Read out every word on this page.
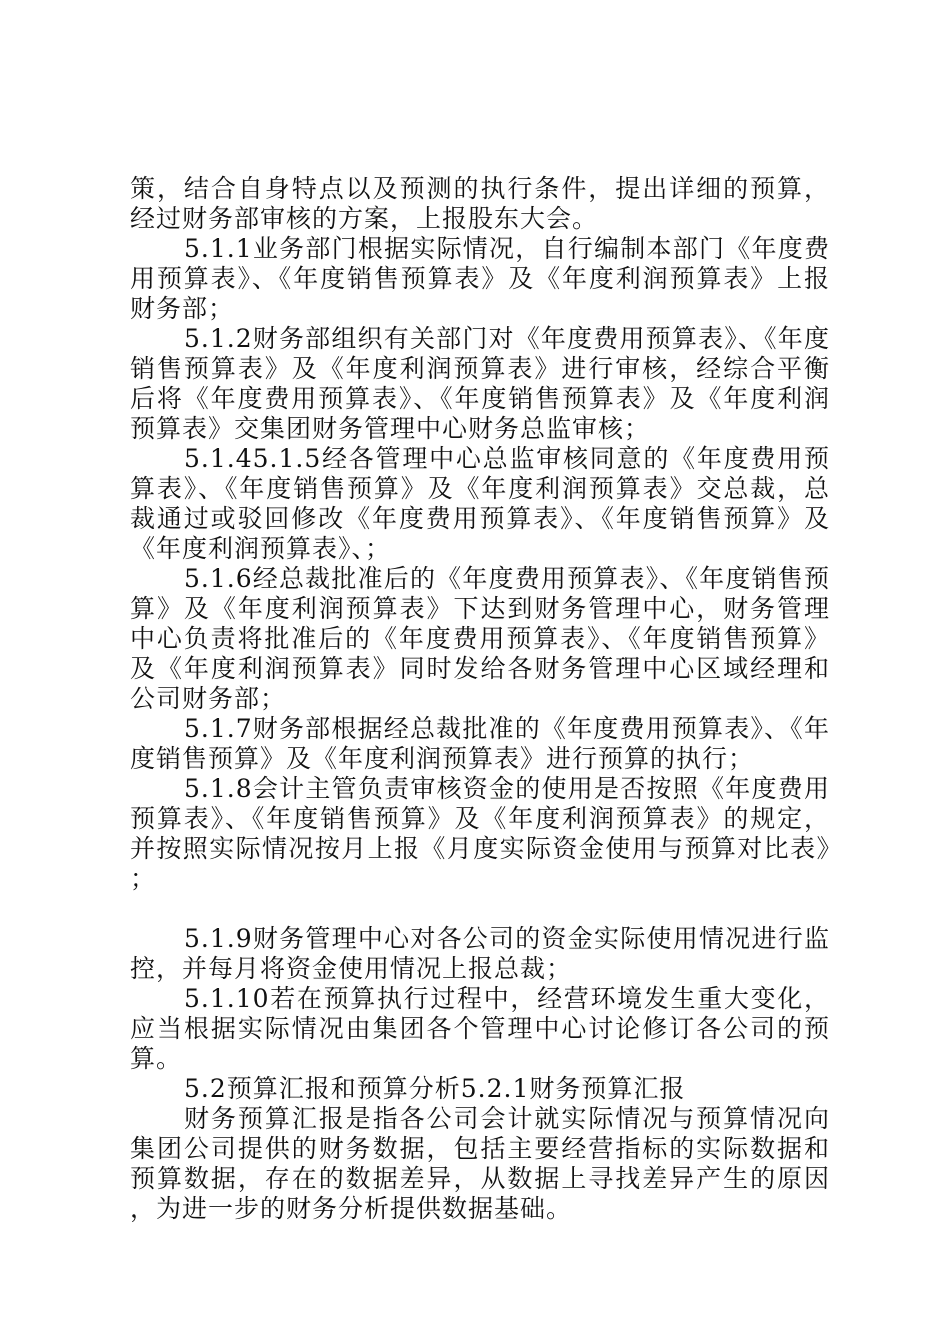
策，结合自身特点以及预测的执行条件，提出详细的预算，经过财务部审核的方案，上报股东大会。

5.1.1业务部门根据实际情况，自行编制本部门《年度费用预算表》、《年度销售预算表》及《年度利润预算表》上报财务部；

5.1.2财务部组织有关部门对《年度费用预算表》、《年度销售预算表》及《年度利润预算表》进行审核，经综合平衡后将《年度费用预算表》、《年度销售预算表》及《年度利润预算表》交集团财务管理中心财务总监审核；

5.1.45.1.5经各管理中心总监审核同意的《年度费用预算表》、《年度销售预算》及《年度利润预算表》交总裁，总裁通过或驳回修改《年度费用预算表》、《年度销售预算》及《年度利润预算表》、；

5.1.6经总裁批准后的《年度费用预算表》、《年度销售预算》及《年度利润预算表》下达到财务管理中心，财务管理中心负责将批准后的《年度费用预算表》、《年度销售预算》及《年度利润预算表》同时发给各财务管理中心区域经理和公司财务部；

5.1.7财务部根据经总裁批准的《年度费用预算表》、《年度销售预算》及《年度利润预算表》进行预算的执行；

5.1.8会计主管负责审核资金的使用是否按照《年度费用预算表》、《年度销售预算》及《年度利润预算表》的规定，并按照实际情况按月上报《月度实际资金使用与预算对比表》；

5.1.9财务管理中心对各公司的资金实际使用情况进行监控，并每月将资金使用情况上报总裁；

5.1.10若在预算执行过程中，经营环境发生重大变化，应当根据实际情况由集团各个管理中心讨论修订各公司的预算。

5.2预算汇报和预算分析5.2.1财务预算汇报

财务预算汇报是指各公司会计就实际情况与预算情况向集团公司提供的财务数据，包括主要经营指标的实际数据和预算数据，存在的数据差异，从数据上寻找差异产生的原因，为进一步的财务分析提供数据基础。
